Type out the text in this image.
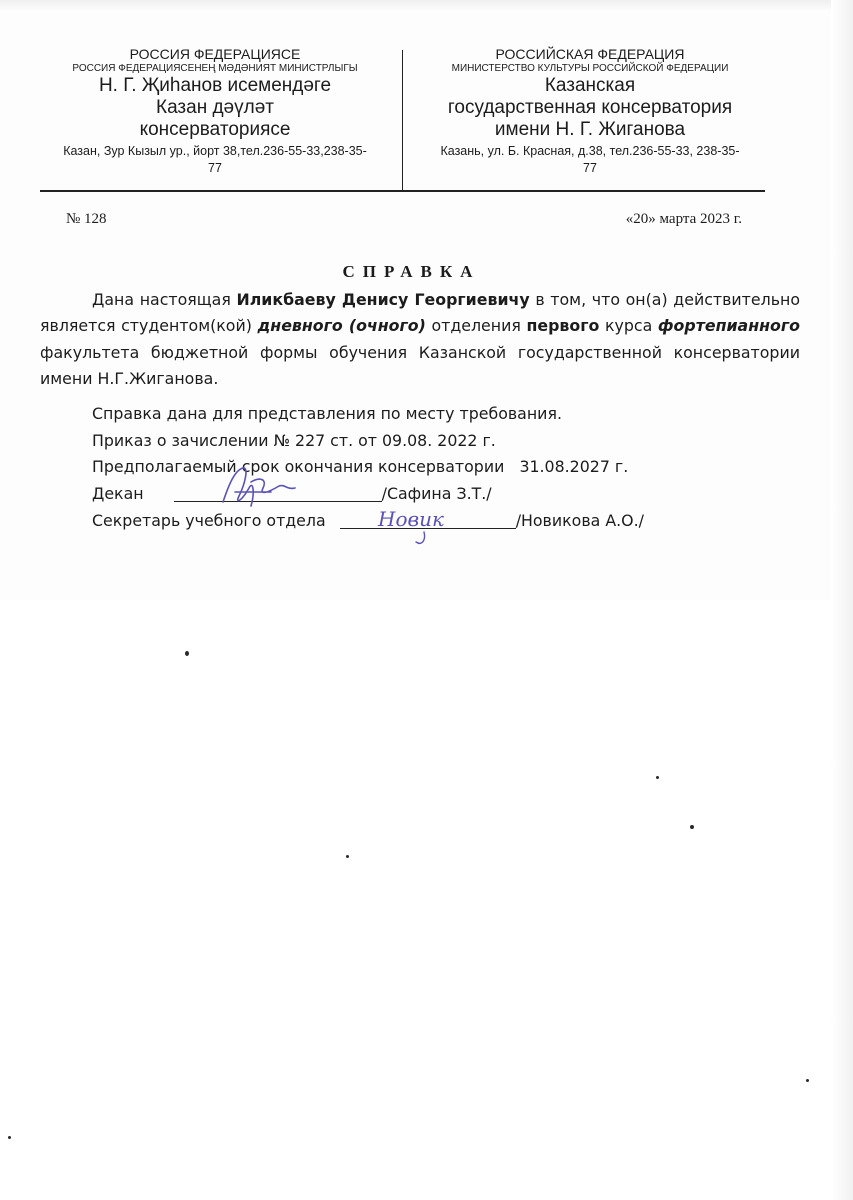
РОССИЯ ФЕДЕРАЦИЯСЕ
РОССИЯ ФЕДЕРАЦИЯСЕНЕҢ МӘДӘНИЯТ МИНИСТРЛЫГЫ
Н. Г. Җиһанов исемендәге
Казан дәүләт
консерваториясе
Казан, Зур Кызыл ур., йорт 38,тел.236-55-33,238-35-
77
РОССИЙСКАЯ ФЕДЕРАЦИЯ
МИНИСТЕРСТВО КУЛЬТУРЫ РОССИЙСКОЙ ФЕДЕРАЦИИ
Казанская
государственная консерватория
имени Н. Г. Жиганова
Казань, ул. Б. Красная, д.38, тел.236-55-33, 238-35-
77
№ 128	«20» марта 2023 г.
СПРАВКА

Дана настоящая Иликбаеву Денису Георгиевичу в том, что он(а) действительно является студентом(кой) дневного (очного) отделения первого курса фортепианного факультета бюджетной формы обучения Казанской государственной консерватории имени Н.Г.Жиганова.

Справка дана для представления по месту требования.
Приказ о зачислении № 227 ст. от 09.08. 2022 г.
Предполагаемый срок окончания консерватории 31.08.2027 г.
Декан	/Сафина З.Т./
Секретарь учебного отдела	/Новикова А.О./
Новик
